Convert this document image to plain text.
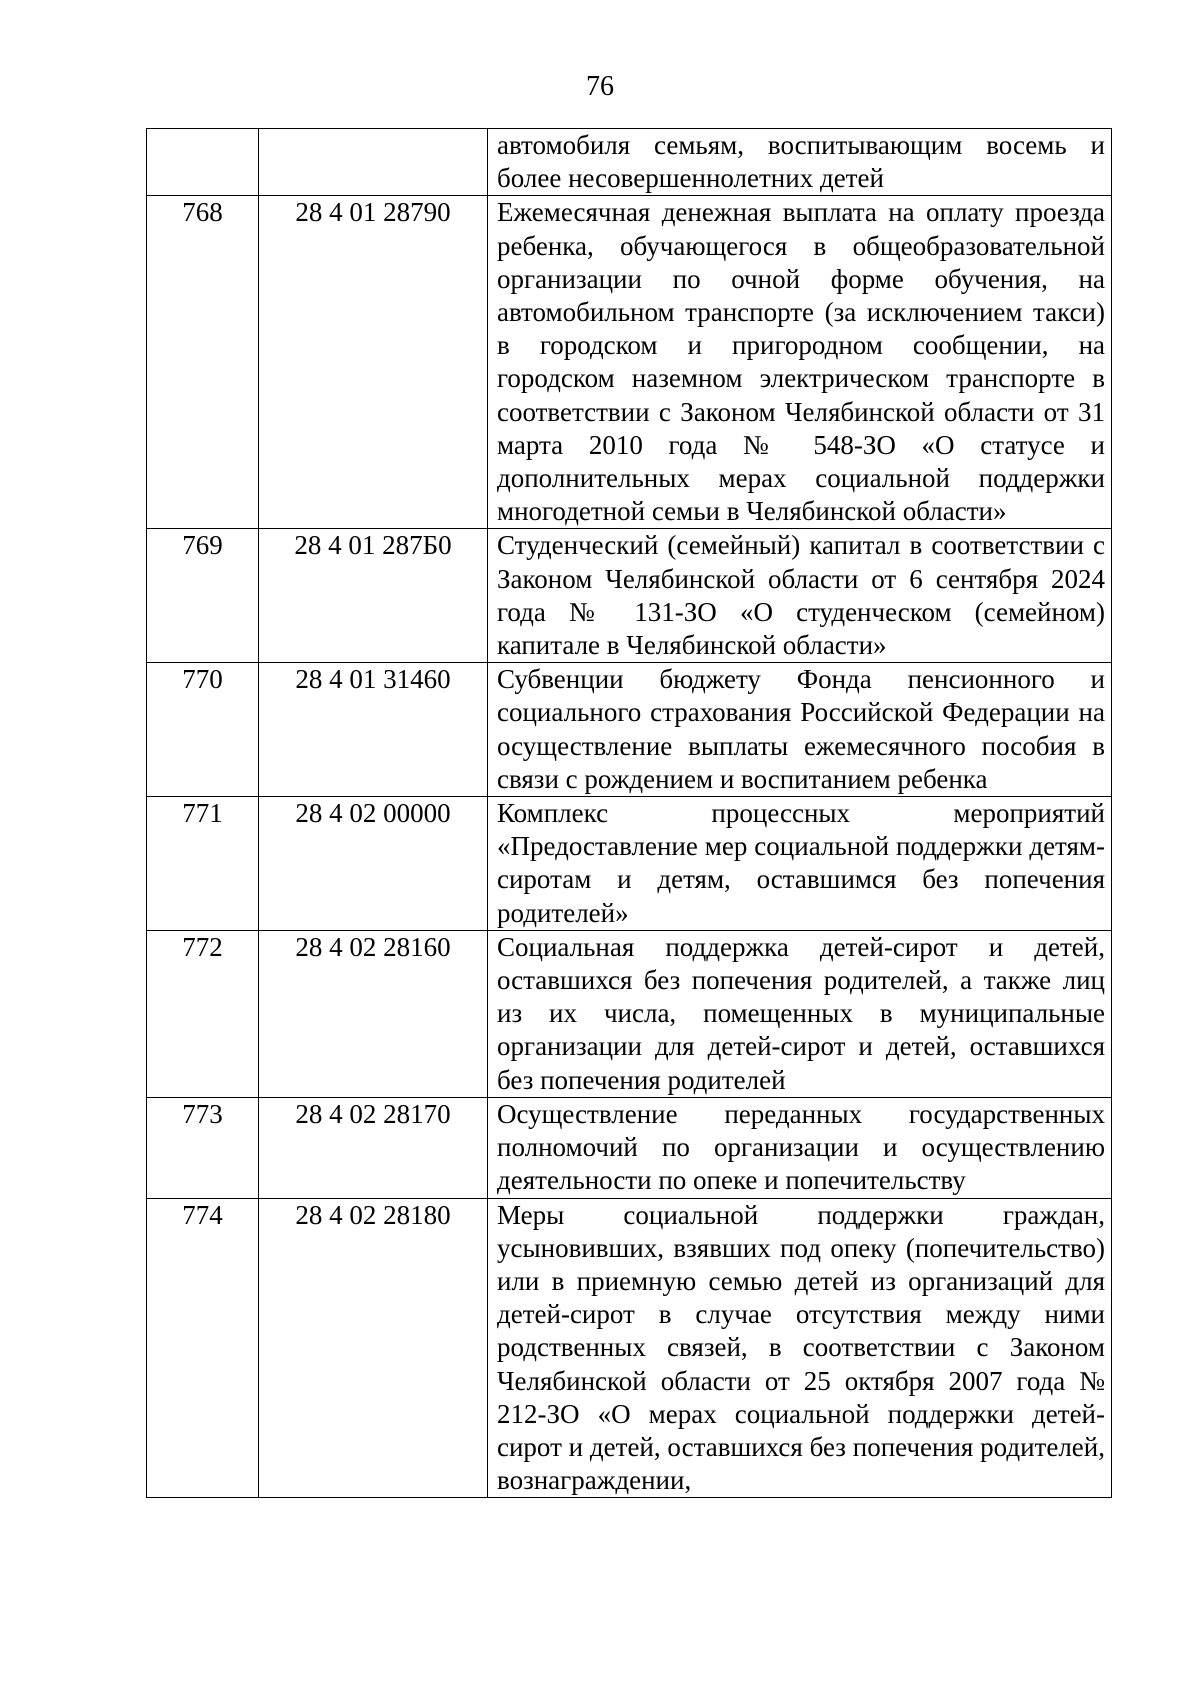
76

		автомобиля семьям, воспитывающим восемь и более несовершеннолетних детей

768	28 4 01 28790	Ежемесячная денежная выплата на оплату проезда ребенка, обучающегося в общеобразовательной организации по очной форме обучения, на автомобильном транспорте (за исключением такси) в городском и пригородном сообщении, на городском наземном электрическом транспорте в соответствии с Законом Челябинской области от 31 марта 2010 года № 548-ЗО «О статусе и дополнительных мерах социальной поддержки многодетной семьи в Челябинской области»

769	28 4 01 287Б0	Студенческий (семейный) капитал в соответствии с Законом Челябинской области от 6 сентября 2024 года № 131-ЗО «О студенческом (семейном) капитале в Челябинской области»

770	28 4 01 31460	Субвенции бюджету Фонда пенсионного и социального страхования Российской Федерации на осуществление выплаты ежемесячного пособия в связи с рождением и воспитанием ребенка

771	28 4 02 00000	Комплекс процессных мероприятий «Предоставление мер социальной поддержки детям-сиротам и детям, оставшимся без попечения родителей»

772	28 4 02 28160	Социальная поддержка детей-сирот и детей, оставшихся без попечения родителей, а также лиц из их числа, помещенных в муниципальные организации для детей-сирот и детей, оставшихся без попечения родителей

773	28 4 02 28170	Осуществление переданных государственных полномочий по организации и осуществлению деятельности по опеке и попечительству

774	28 4 02 28180	Меры социальной поддержки граждан, усыновивших, взявших под опеку (попечительство) или в приемную семью детей из организаций для детей-сирот в случае отсутствия между ними родственных связей, в соответствии с Законом Челябинской области от 25 октября 2007 года № 212-ЗО «О мерах социальной поддержки детей-сирот и детей, оставшихся без попечения родителей, вознаграждении,
